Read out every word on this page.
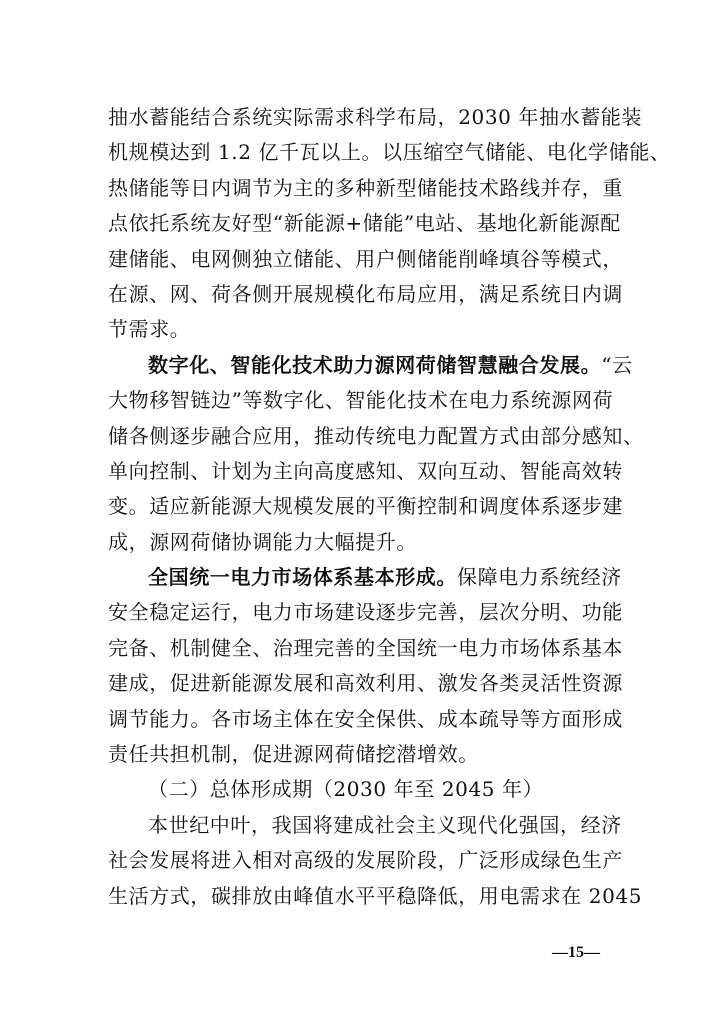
抽水蓄能结合系统实际需求科学布局，2030 年抽水蓄能装
机规模达到 1.2 亿千瓦以上。以压缩空气储能、电化学储能、
热储能等日内调节为主的多种新型储能技术路线并存，重
点依托系统友好型“新能源+储能”电站、基地化新能源配
建储能、电网侧独立储能、用户侧储能削峰填谷等模式，
在源、网、荷各侧开展规模化布局应用，满足系统日内调
节需求。
数字化、智能化技术助力源网荷储智慧融合发展。“云
大物移智链边”等数字化、智能化技术在电力系统源网荷
储各侧逐步融合应用，推动传统电力配置方式由部分感知、
单向控制、计划为主向高度感知、双向互动、智能高效转
变。适应新能源大规模发展的平衡控制和调度体系逐步建
成，源网荷储协调能力大幅提升。
全国统一电力市场体系基本形成。保障电力系统经济
安全稳定运行，电力市场建设逐步完善，层次分明、功能
完备、机制健全、治理完善的全国统一电力市场体系基本
建成，促进新能源发展和高效利用、激发各类灵活性资源
调节能力。各市场主体在安全保供、成本疏导等方面形成
责任共担机制，促进源网荷储挖潜增效。
（二）总体形成期（2030 年至 2045 年）
本世纪中叶，我国将建成社会主义现代化强国，经济
社会发展将进入相对高级的发展阶段，广泛形成绿色生产
生活方式，碳排放由峰值水平平稳降低，用电需求在 2045
—15—
